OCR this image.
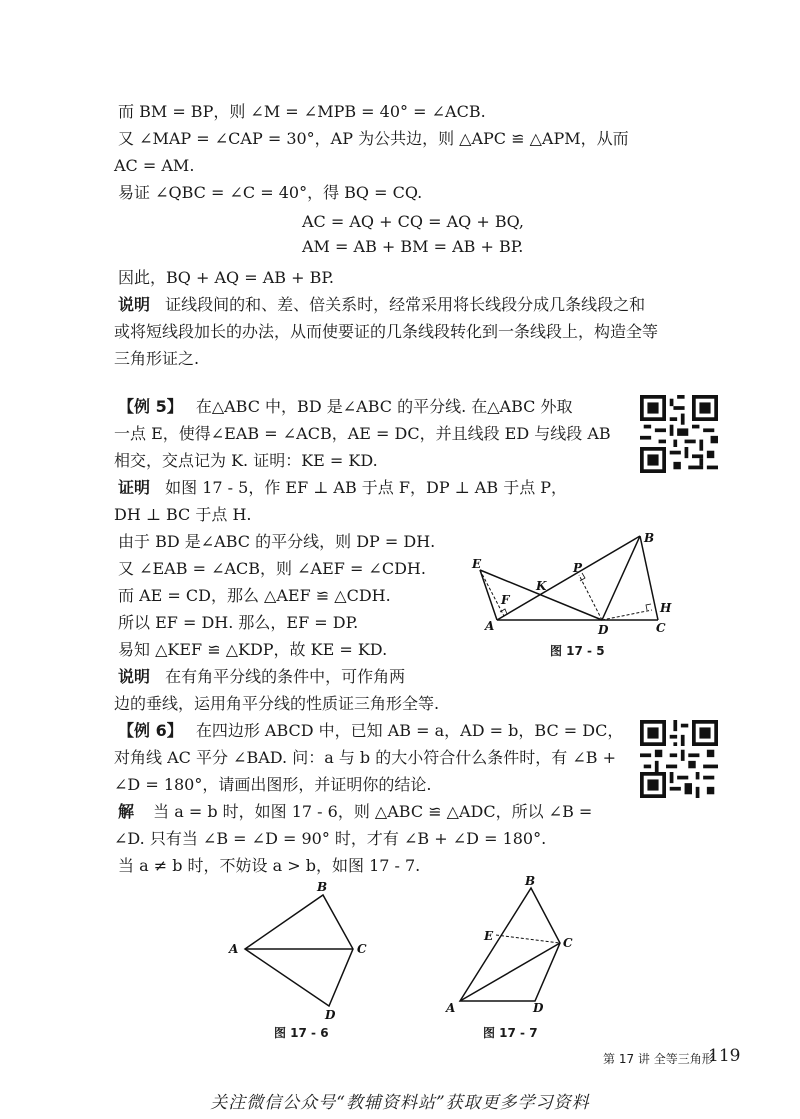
而 BM = BP，则 ∠M = ∠MPB = 40° = ∠ACB.
又 ∠MAP = ∠CAP = 30°，AP 为公共边，则 △APC ≌ △APM，从而
AC = AM.
易证 ∠QBC = ∠C = 40°，得 BQ = CQ.
AC = AQ + CQ = AQ + BQ,
AM = AB + BM = AB + BP.
因此，BQ + AQ = AB + BP.
说明 证线段间的和、差、倍关系时，经常采用将长线段分成几条线段之和
或将短线段加长的办法，从而使要证的几条线段转化到一条线段上，构造全等
三角形证之.
【例 5】 在△ABC 中，BD 是∠ABC 的平分线. 在△ABC 外取
一点 E，使得∠EAB = ∠ACB，AE = DC，并且线段 ED 与线段 AB
相交，交点记为 K. 证明：KE = KD.
证明 如图 17 - 5，作 EF ⊥ AB 于点 F，DP ⊥ AB 于点 P，
DH ⊥ BC 于点 H.
由于 BD 是∠ABC 的平分线，则 DP = DH.
又 ∠EAB = ∠ACB，则 ∠AEF = ∠CDH.
而 AE = CD，那么 △AEF ≌ △CDH.
所以 EF = DH. 那么，EF = DP.
易知 △KEF ≌ △KDP，故 KE = KD.
说明 在有角平分线的条件中，可作角两
边的垂线，运用角平分线的性质证三角形全等.
B
E	P
K
F
H
A	D	C
图 17 - 5
【例 6】 在四边形 ABCD 中，已知 AB = a，AD = b，BC = DC，
对角线 AC 平分 ∠BAD. 问：a 与 b 的大小符合什么条件时，有 ∠B +
∠D = 180°，请画出图形，并证明你的结论.
解 当 a = b 时，如图 17 - 6，则 △ABC ≌ △ADC，所以 ∠B =
∠D. 只有当 ∠B = ∠D = 90° 时，才有 ∠B + ∠D = 180°.
当 a ≠ b 时，不妨设 a > b，如图 17 - 7.
B
A	C
D
图 17 - 6
B
E	C
A	D
图 17 - 7
第 17 讲 全等三角形
119
关注微信公众号“教辅资料站”获取更多学习资料
